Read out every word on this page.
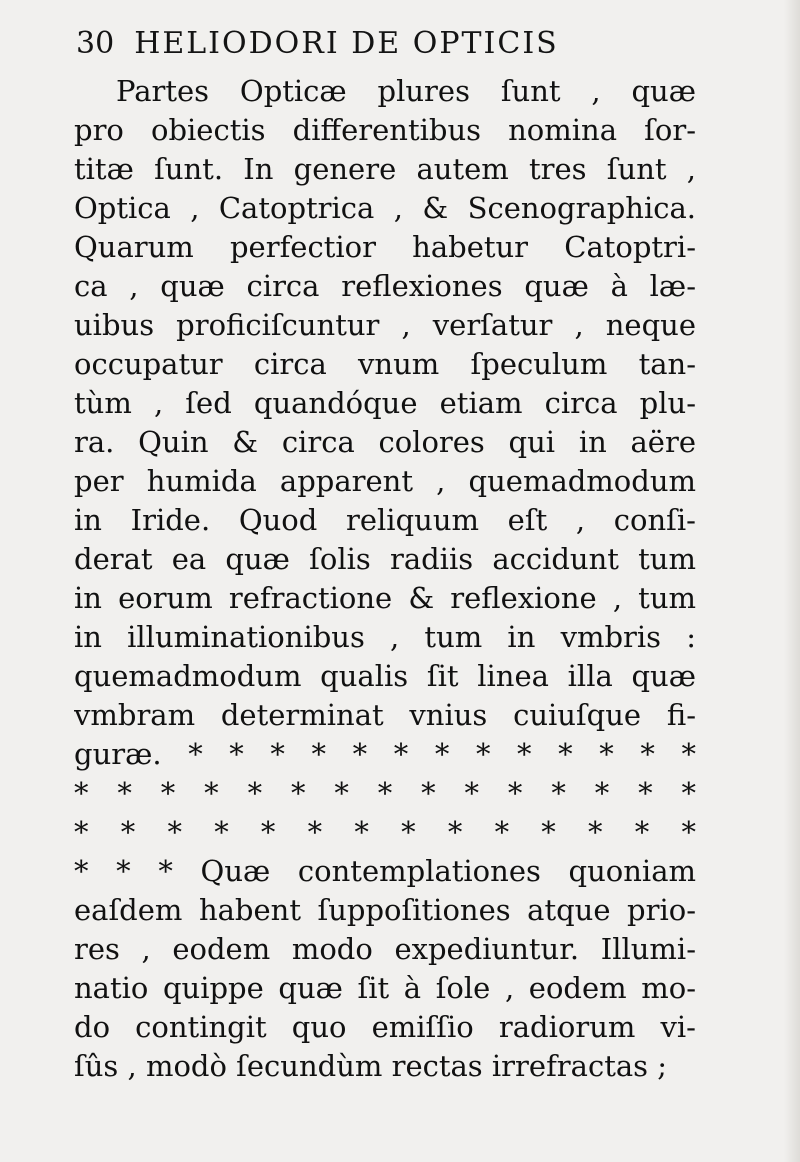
30 HELIODORI DE OPTICIS
Partes Opticæ plures ſunt , quæ
pro obiectis differentibus nomina ſor-
titæ ſunt. In genere autem tres ſunt ,
Optica , Catoptrica , & Scenographica.
Quarum perfectior habetur Catoptri-
ca , quæ circa reflexiones quæ à læ-
uibus proficiſcuntur , verſatur , neque
occupatur circa vnum ſpeculum tan-
tùm , ſed quandóque etiam circa plu-
ra. Quin & circa colores qui in aëre
per humida apparent , quemadmodum
in Iride. Quod reliquum eſt , conſi-
derat ea quæ ſolis radiis accidunt tum
in eorum refractione & reflexione , tum
in illuminationibus , tum in vmbris :
quemadmodum qualis ſit linea illa quæ
vmbram determinat vnius cuiuſque fi-
guræ. * * * * * * * * * * * * *
* * * * * * * * * * * * * * *
* * * * * * * * * * * * * *
* * * Quæ contemplationes quoniam
eaſdem habent ſuppoſitiones atque prio-
res , eodem modo expediuntur. Illumi-
natio quippe quæ ſit à ſole , eodem mo-
do contingit quo emiſſio radiorum vi-
ſûs , modò ſecundùm rectas irrefractas ;
